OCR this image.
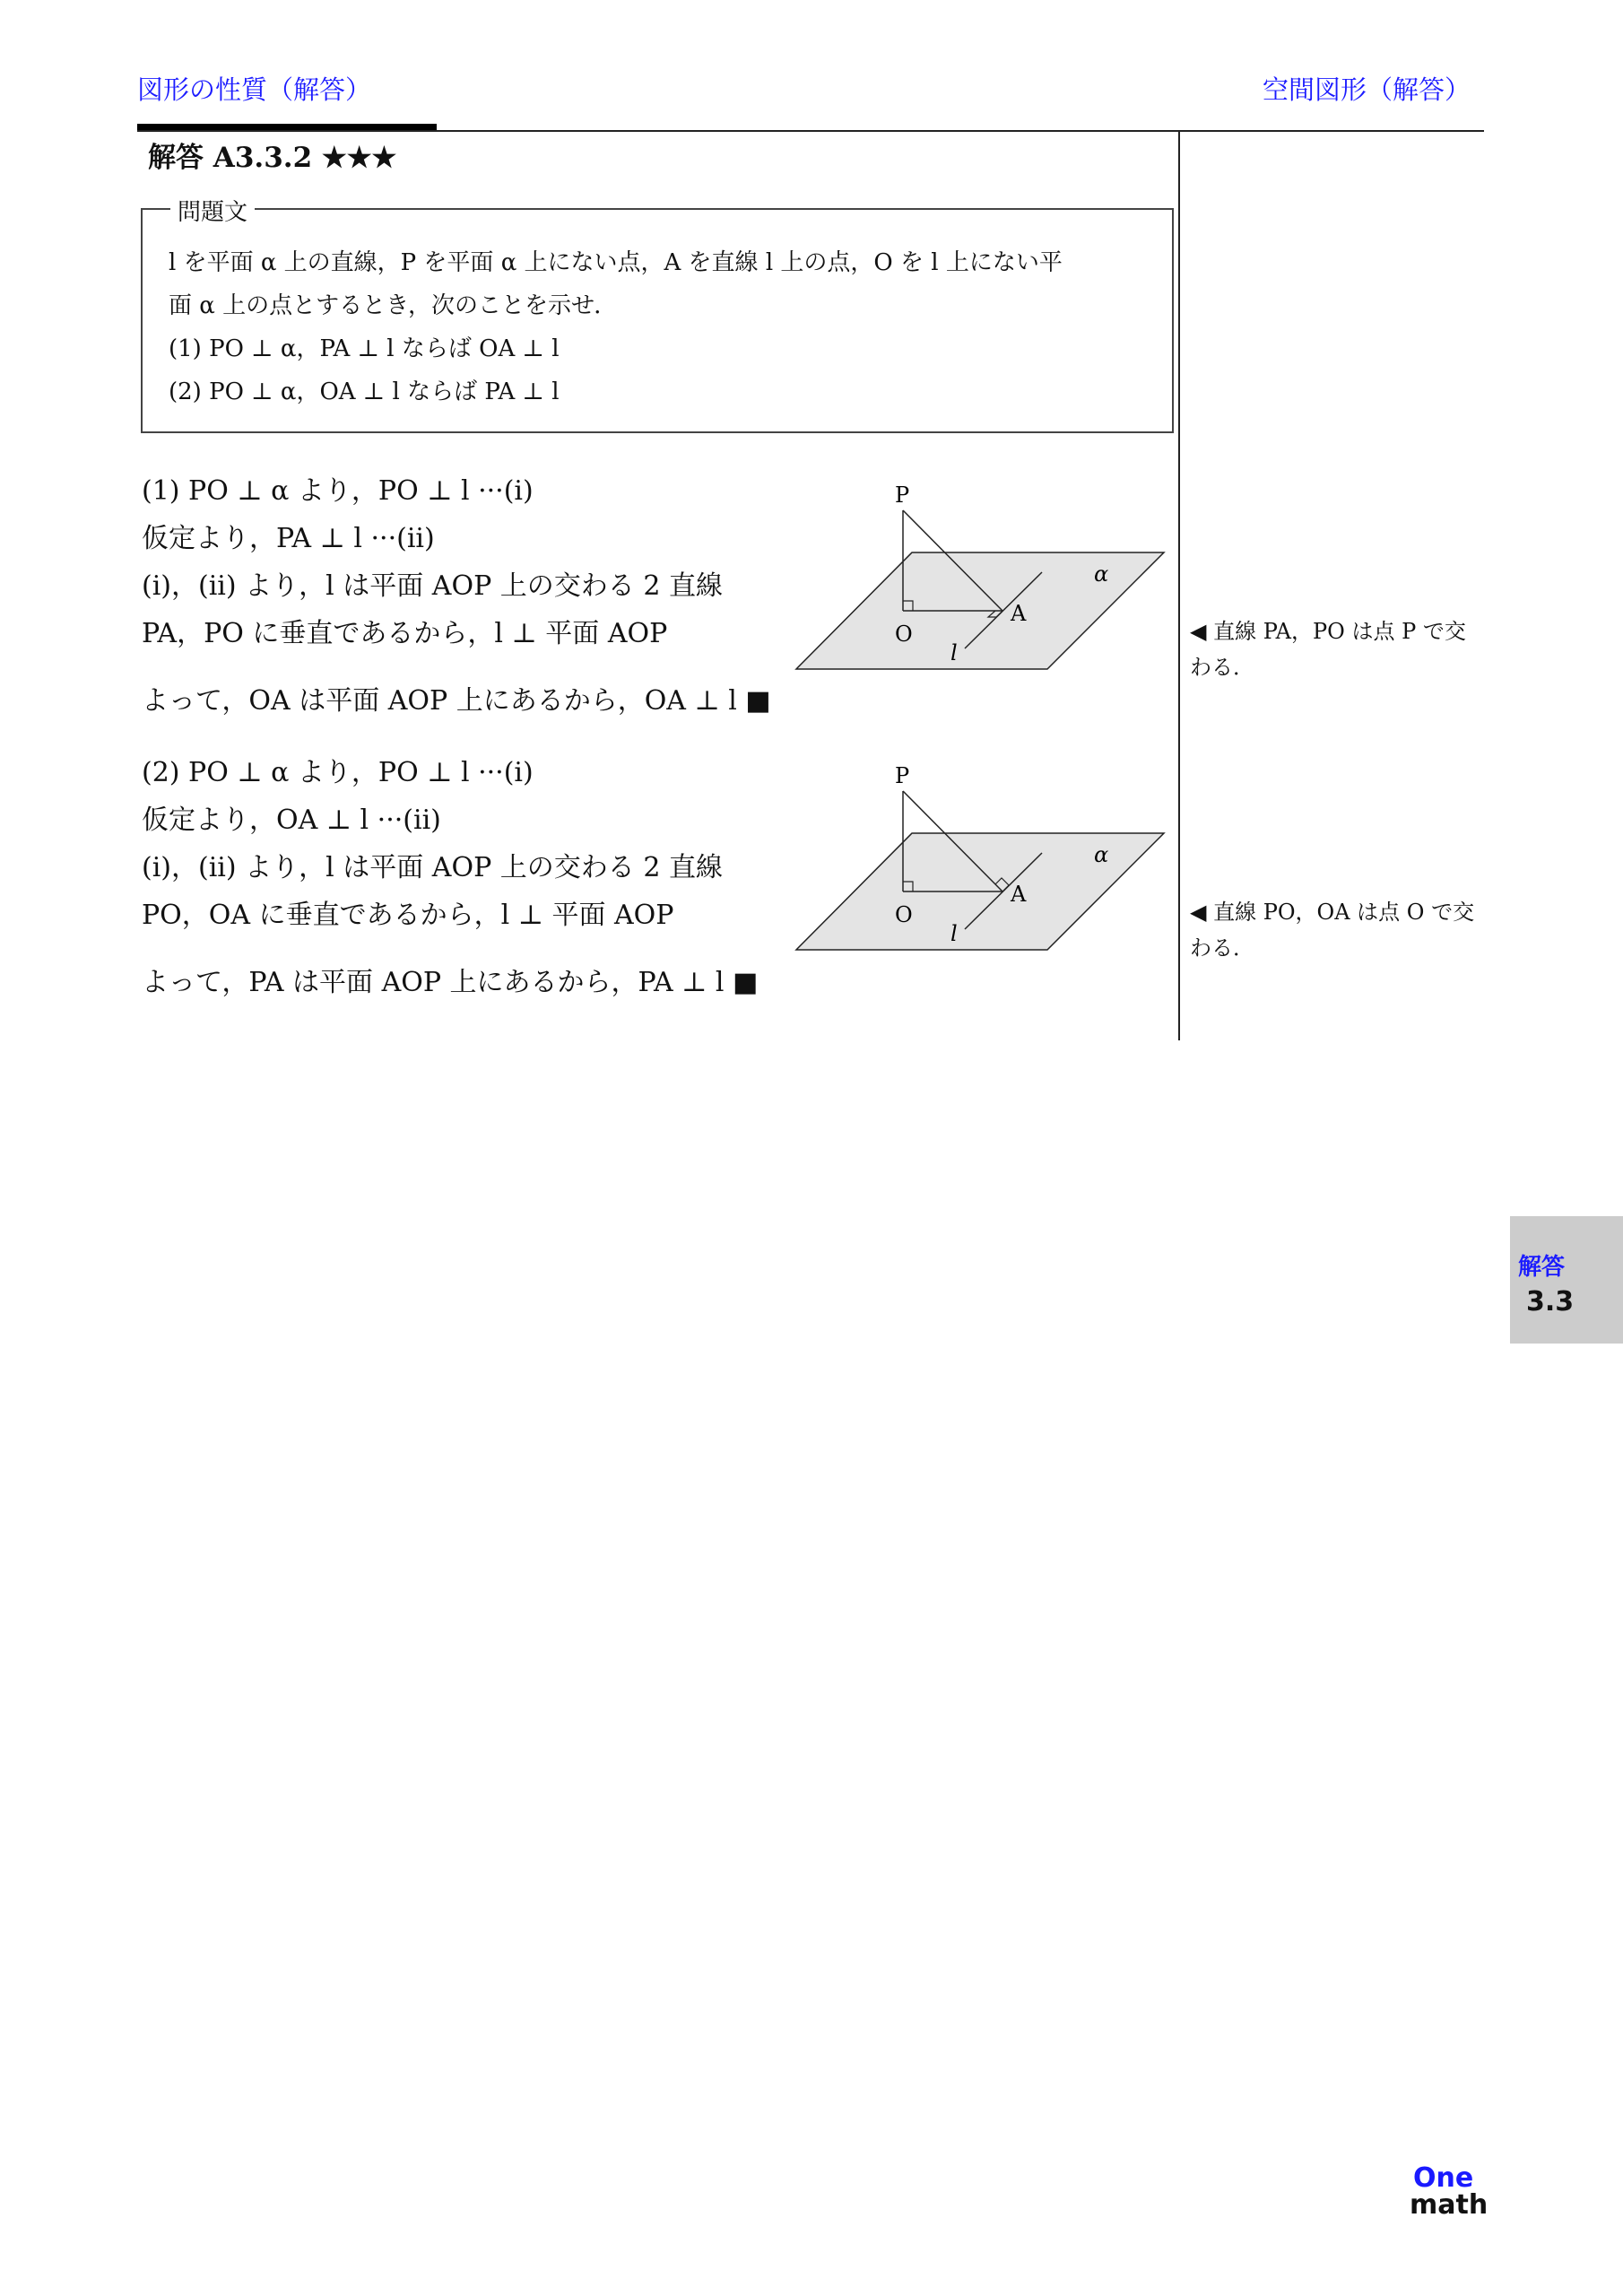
図形の性質（解答）	空間図形（解答）
解答 A3.3.2 ★★★
問題文
l を平面 α 上の直線，P を平面 α 上にない点，A を直線 l 上の点，O を l 上にない平
面 α 上の点とするとき，次のことを示せ．
(1) PO ⊥ α，PA ⊥ l ならば OA ⊥ l
(2) PO ⊥ α，OA ⊥ l ならば PA ⊥ l
(1) PO ⊥ α より，PO ⊥ l ···(i)
仮定より，PA ⊥ l ···(ii)
(i)，(ii) より，l は平面 AOP 上の交わる 2 直線
PA，PO に垂直であるから，l ⊥ 平面 AOP
よって，OA は平面 AOP 上にあるから，OA ⊥ l ■
◀ 直線 PA，PO は点 P で交
わる．
P
O
A
l
α
(2) PO ⊥ α より，PO ⊥ l ···(i)
仮定より，OA ⊥ l ···(ii)
(i)，(ii) より，l は平面 AOP 上の交わる 2 直線
PO，OA に垂直であるから，l ⊥ 平面 AOP
よって，PA は平面 AOP 上にあるから，PA ⊥ l ■
◀ 直線 PO，OA は点 O で交
わる．
P
O
A
l
α
解答
3.3
One
math
